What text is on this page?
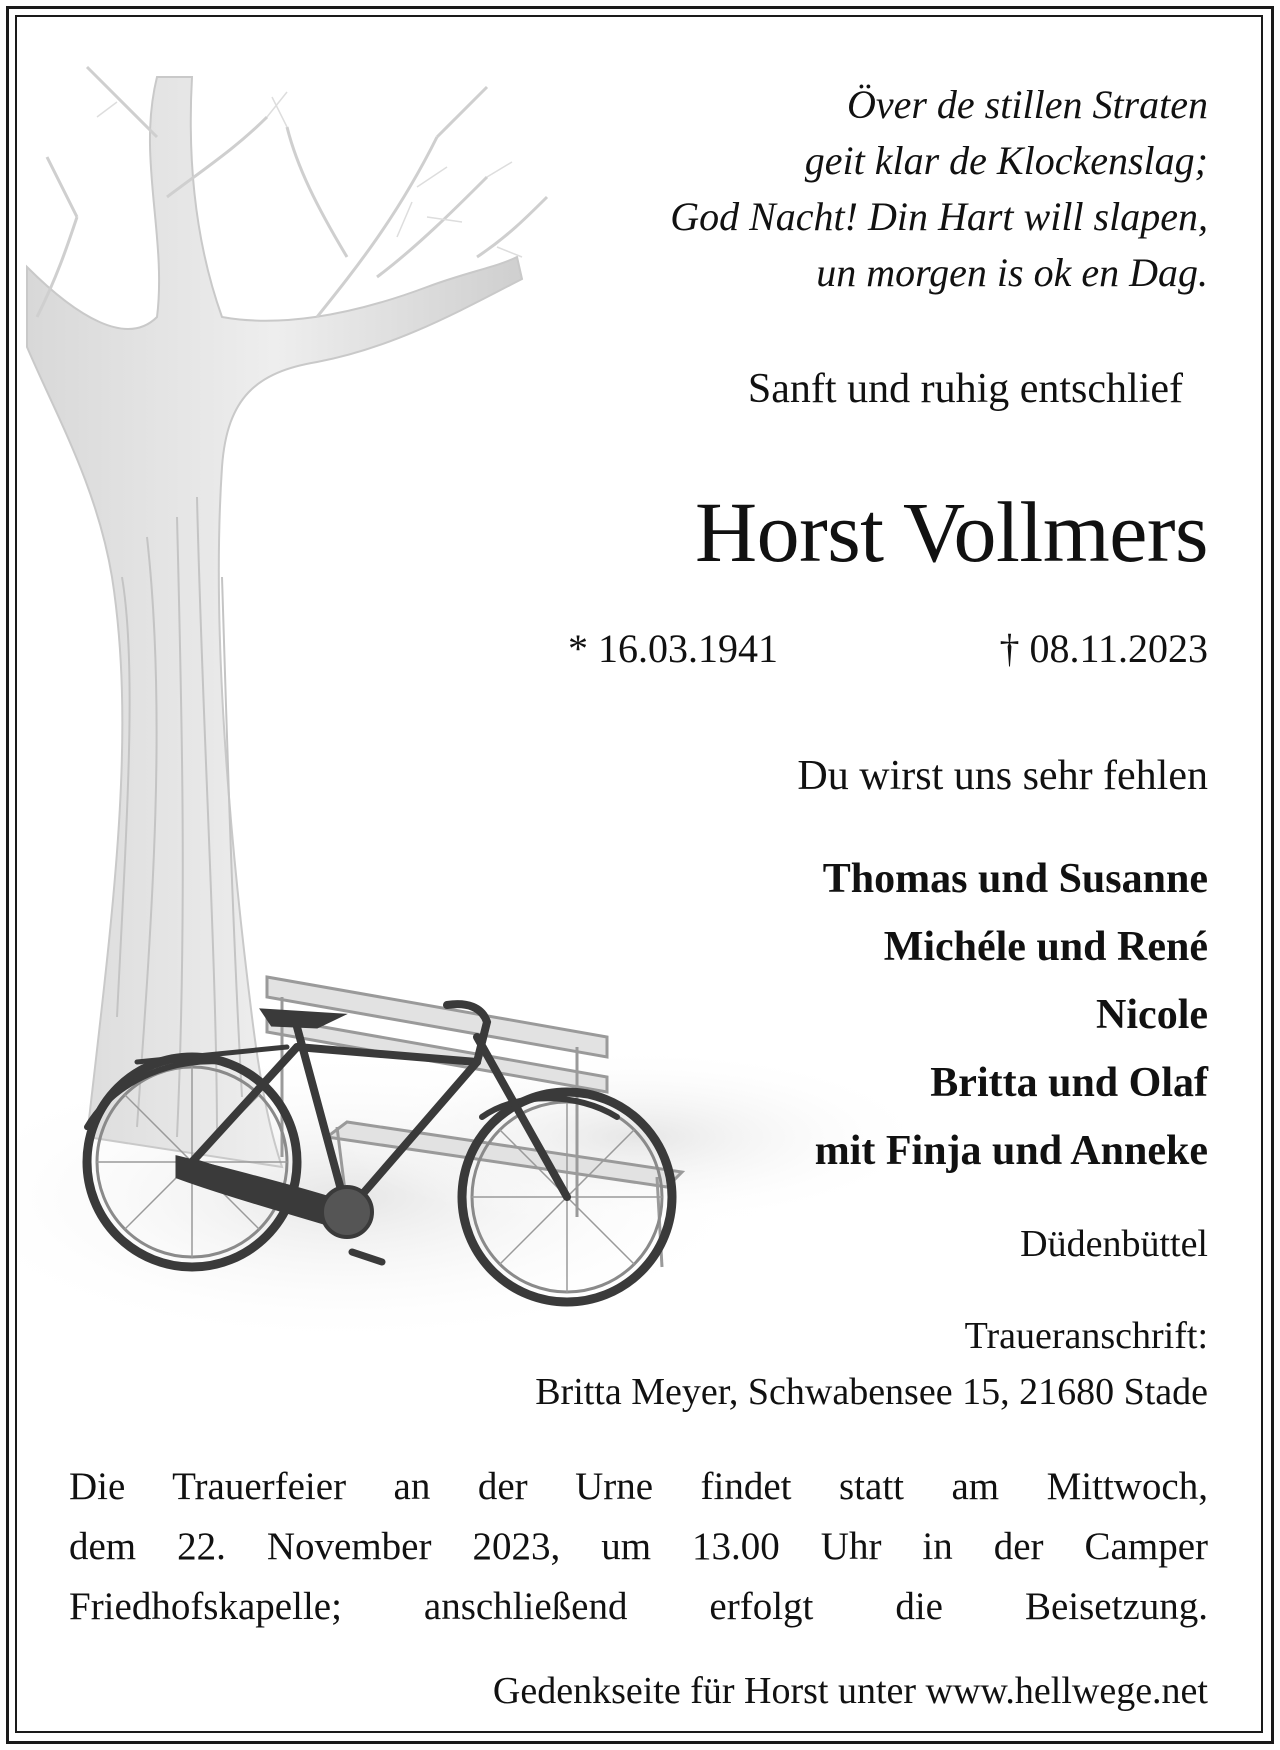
Över de stillen Straten
geit klar de Klockenslag;
God Nacht! Din Hart will slapen,
un morgen is ok en Dag.

Sanft und ruhig entschlief

Horst Vollmers
* 16.03.1941	† 08.11.2023

Du wirst uns sehr fehlen

Thomas und Susanne
Michéle und René
Nicole
Britta und Olaf
mit Finja und Anneke

Düdenbüttel

Traueranschrift:

Britta Meyer, Schwabensee 15, 21680 Stade

Die Trauerfeier an der Urne findet statt am Mittwoch,
dem 22. November 2023, um 13.00 Uhr in der Camper
Friedhofskapelle; anschließend erfolgt die Beisetzung.

Gedenkseite für Horst unter www.hellwege.net
